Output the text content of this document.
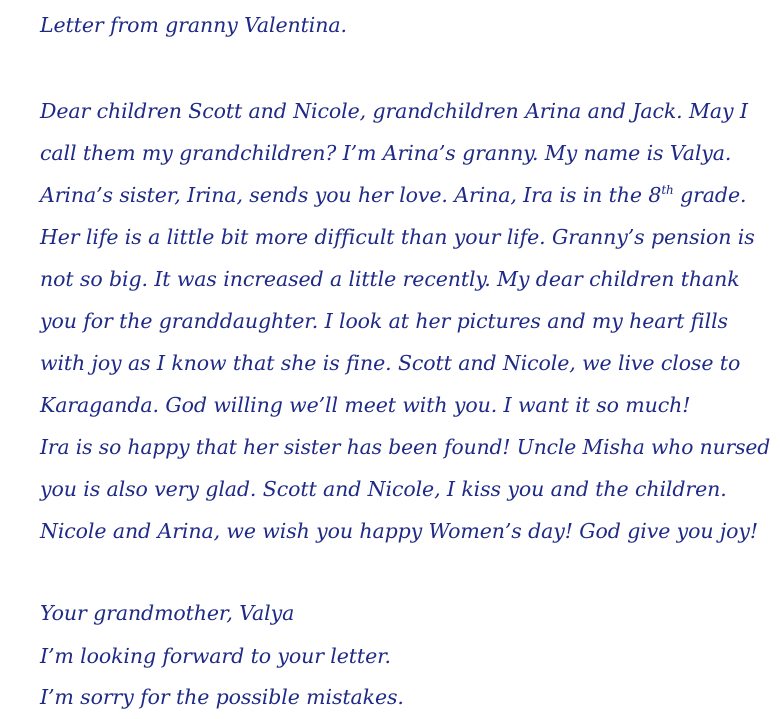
Letter from granny Valentina.
Dear children Scott and Nicole, grandchildren Arina and Jack. May I
call them my grandchildren? I’m Arina’s granny. My name is Valya.
Arina’s sister, Irina, sends you her love. Arina, Ira is in the 8th grade.
Her life is a little bit more difficult than your life. Granny’s pension is
not so big. It was increased a little recently. My dear children thank
you for the granddaughter. I look at her pictures and my heart fills
with joy as I know that she is fine. Scott and Nicole, we live close to
Karaganda. God willing we’ll meet with you. I want it so much!
Ira is so happy that her sister has been found! Uncle Misha who nursed
you is also very glad. Scott and Nicole, I kiss you and the children.
Nicole and Arina, we wish you happy Women’s day! God give you joy!
Your grandmother, Valya
I’m looking forward to your letter.
I’m sorry for the possible mistakes.
